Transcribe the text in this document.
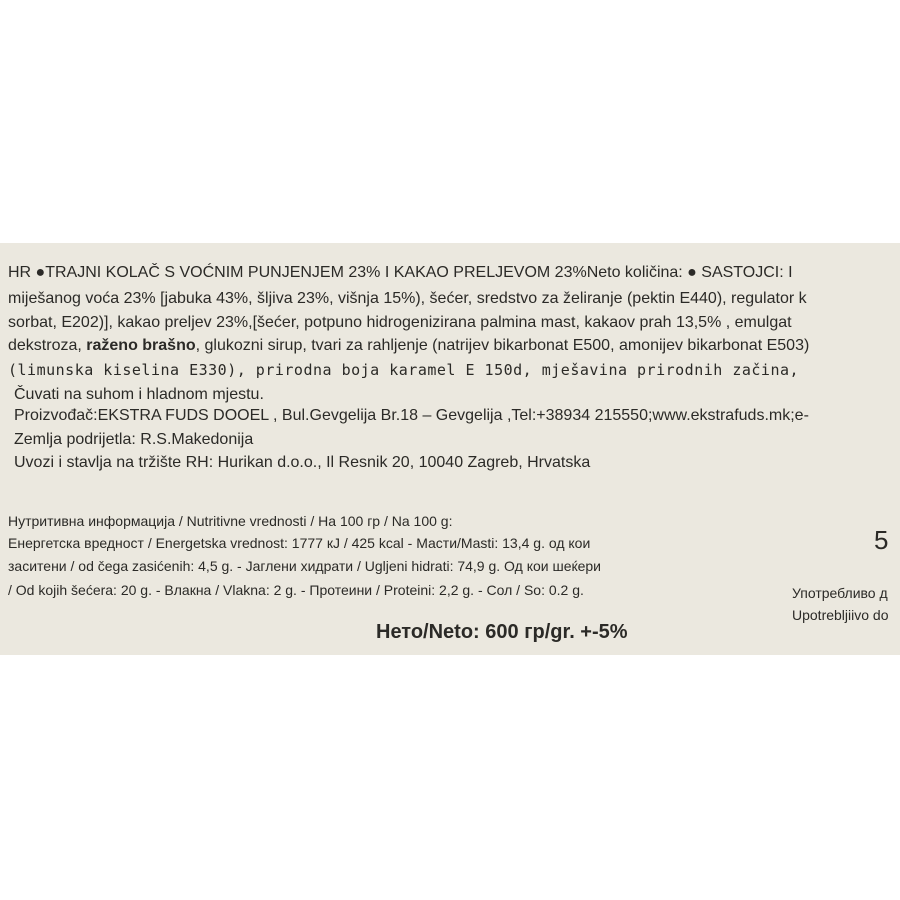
HR ●TRAJNI KOLAČ S VOĆNIM PUNJENJEM 23% I KAKAO PRELJEVOM 23%Neto količina: ● SASTOJCI: I
miješanog voća 23% [jabuka 43%, šljiva 23%, višnja 15%), šećer, sredstvo za želiranje (pektin E440), regulator k
sorbat, E202)], kakao preljev 23%,[šećer, potpuno hidrogenizirana palmina mast, kakaov prah 13,5% , emulgat
dekstroza, raženo brašno, glukozni sirup, tvari za rahljenje (natrijev bikarbonat E500, amonijev bikarbonat E503)
(limunska kiselina E330), prirodna boja karamel E 150d, mješavina prirodnih začina,
Čuvati na suhom i hladnom mjestu.
Proizvođač:EKSTRA FUDS DOOEL , Bul.Gevgelija Br.18 – Gevgelija ,Tel:+38934 215550;www.ekstrafuds.mk;e-
Zemlja podrijetla: R.S.Makedonija
Uvozi i stavlja na tržište RH: Hurikan d.o.o., Il Resnik 20, 10040 Zagreb, Hrvatska
Нутритивна информација / Nutritivne vrednosti / На 100 гр / Na 100 g:
Енергетска вредност / Energetska vrednost: 1777 кЈ / 425 kcal - Масти/Masti: 13,4 g. од кои
заситени / od čega zasićenih: 4,5 g. - Јаглени хидрати / Ugljeni hidrati: 74,9 g. Од кои шеќери
/ Od kojih šećera: 20 g. - Влакна / Vlakna: 2 g. - Протеини / Proteini: 2,2 g. - Сол / So: 0.2 g.
Нето/Neto: 600 гр/gr. +-5%
5
Употребливо д
Upotrebljiivo do
